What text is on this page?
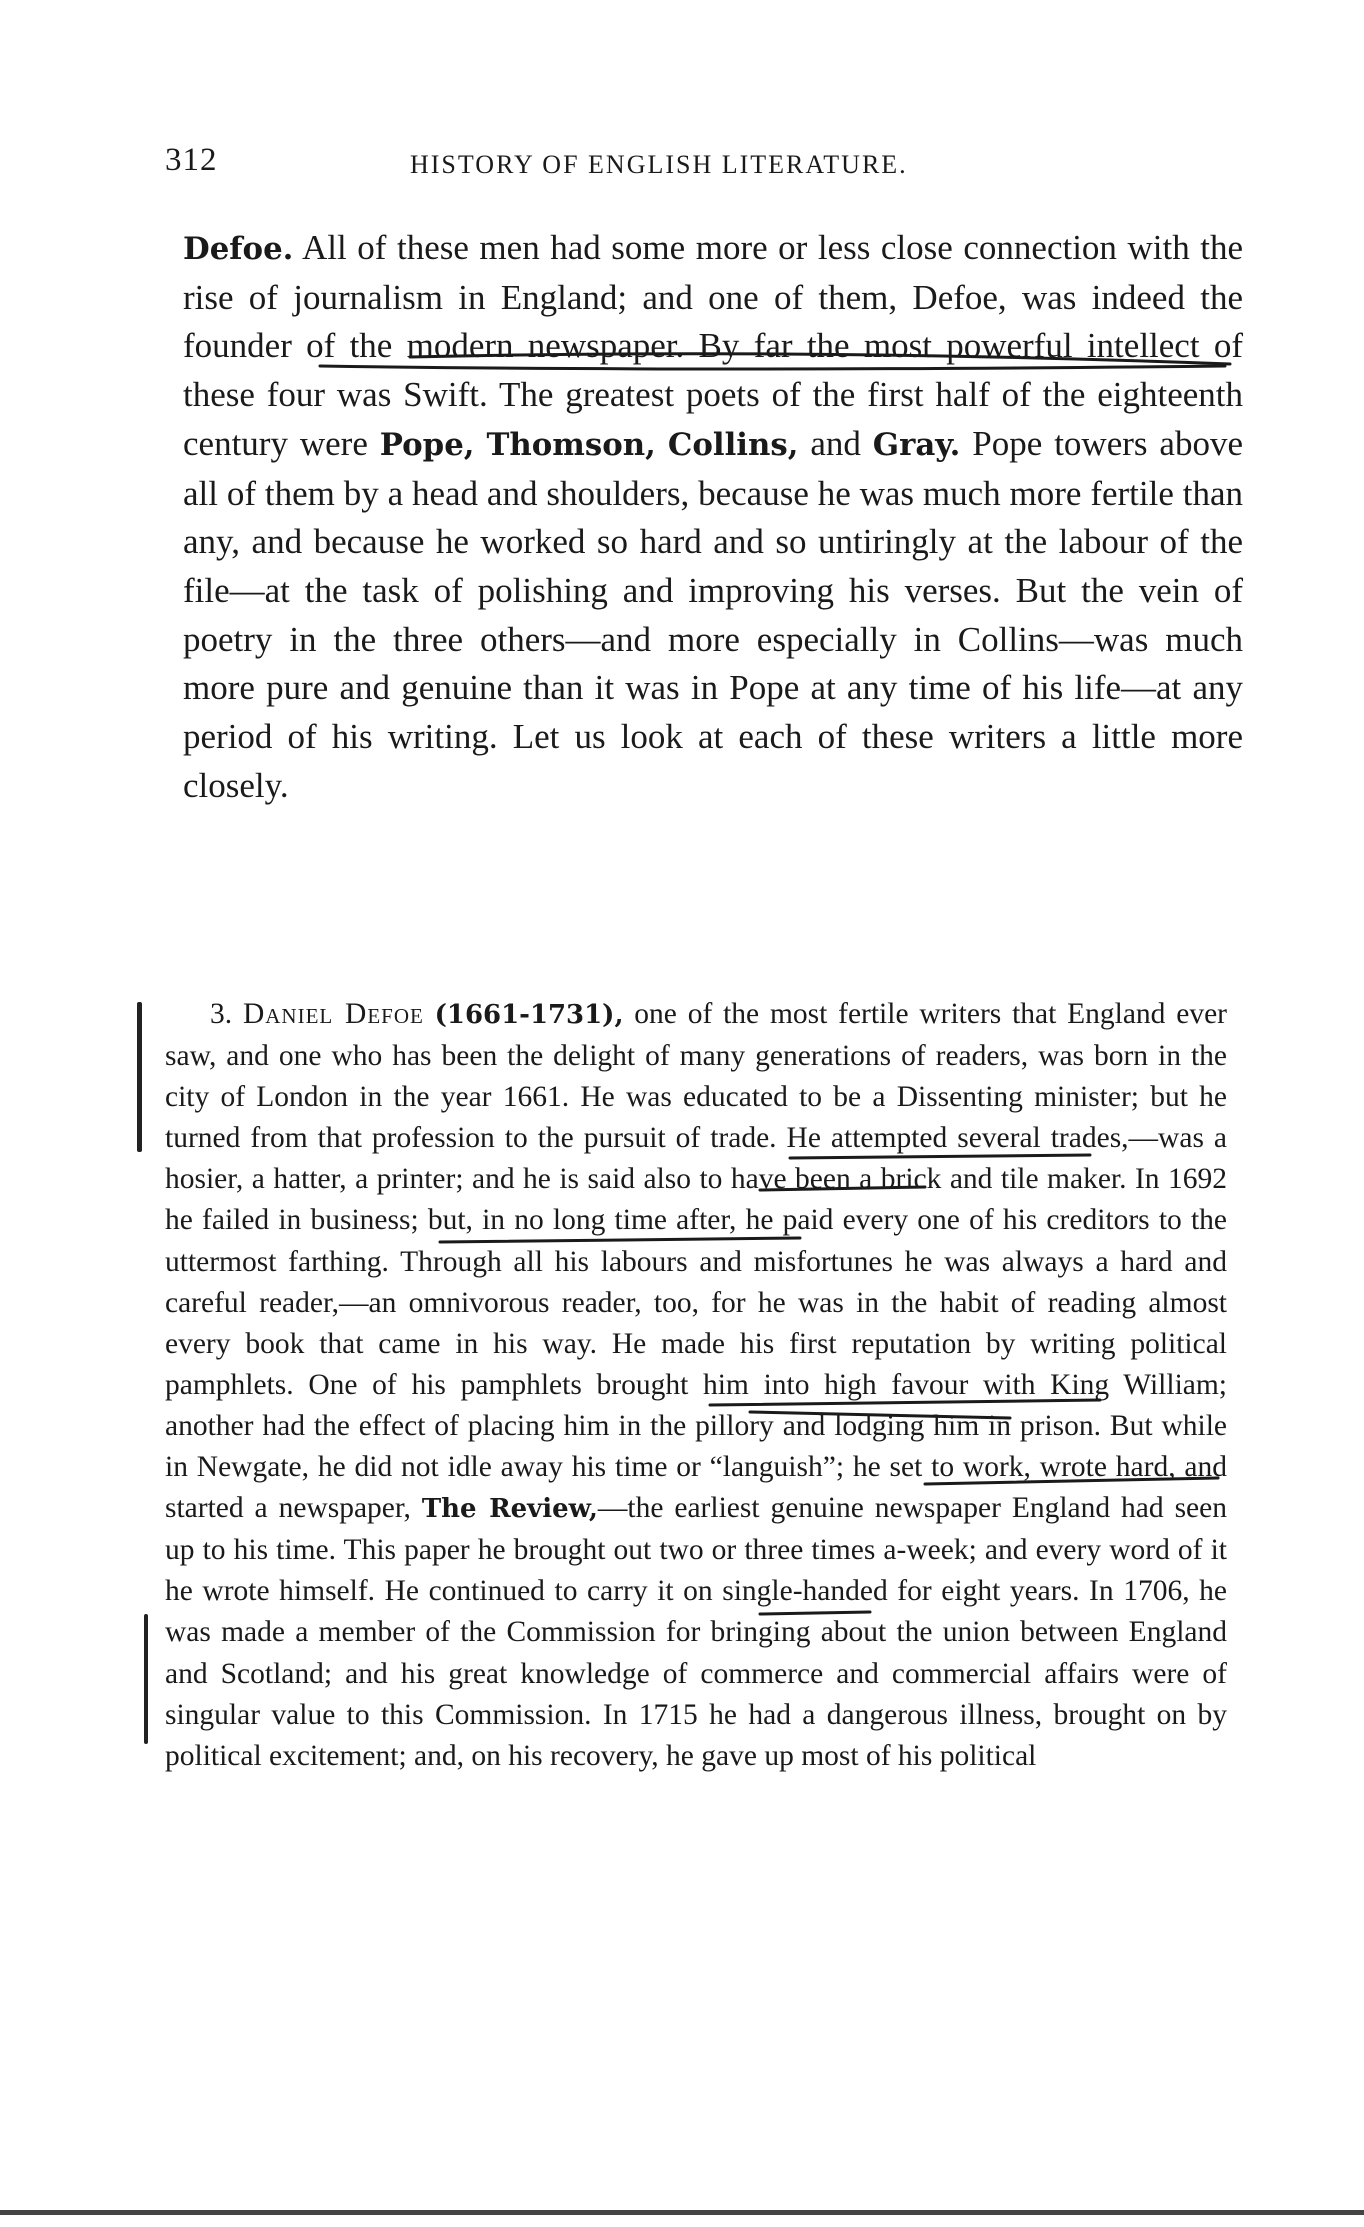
312	HISTORY OF ENGLISH LITERATURE.
Defoe. All of these men had some more or less close connection with the rise of journalism in England; and one of them, Defoe, was indeed the founder of the modern newspaper. By far the most powerful intellect of these four was Swift. The greatest poets of the first half of the eighteenth century were Pope, Thomson, Collins, and Gray. Pope towers above all of them by a head and shoulders, because he was much more fertile than any, and because he worked so hard and so untiringly at the labour of the file—at the task of polishing and improving his verses. But the vein of poetry in the three others—and more especially in Collins—was much more pure and genuine than it was in Pope at any time of his life—at any period of his writing. Let us look at each of these writers a little more closely.
3. Daniel Defoe (1661-1731), one of the most fertile writers that England ever saw, and one who has been the delight of many generations of readers, was born in the city of London in the year 1661. He was educated to be a Dissenting minister; but he turned from that profession to the pursuit of trade. He attempted several trades,—was a hosier, a hatter, a printer; and he is said also to have been a brick and tile maker. In 1692 he failed in business; but, in no long time after, he paid every one of his creditors to the uttermost farthing. Through all his labours and misfortunes he was always a hard and careful reader,—an omnivorous reader, too, for he was in the habit of reading almost every book that came in his way. He made his first reputation by writing political pamphlets. One of his pamphlets brought him into high favour with King William; another had the effect of placing him in the pillory and lodging him in prison. But while in Newgate, he did not idle away his time or “languish”; he set to work, wrote hard, and started a newspaper, The Review,—the earliest genuine newspaper England had seen up to his time. This paper he brought out two or three times a-week; and every word of it he wrote himself. He continued to carry it on single-handed for eight years. In 1706, he was made a member of the Commission for bringing about the union between England and Scotland; and his great knowledge of commerce and commercial affairs were of singular value to this Commission. In 1715 he had a dangerous illness, brought on by political excitement; and, on his recovery, he gave up most of his political
